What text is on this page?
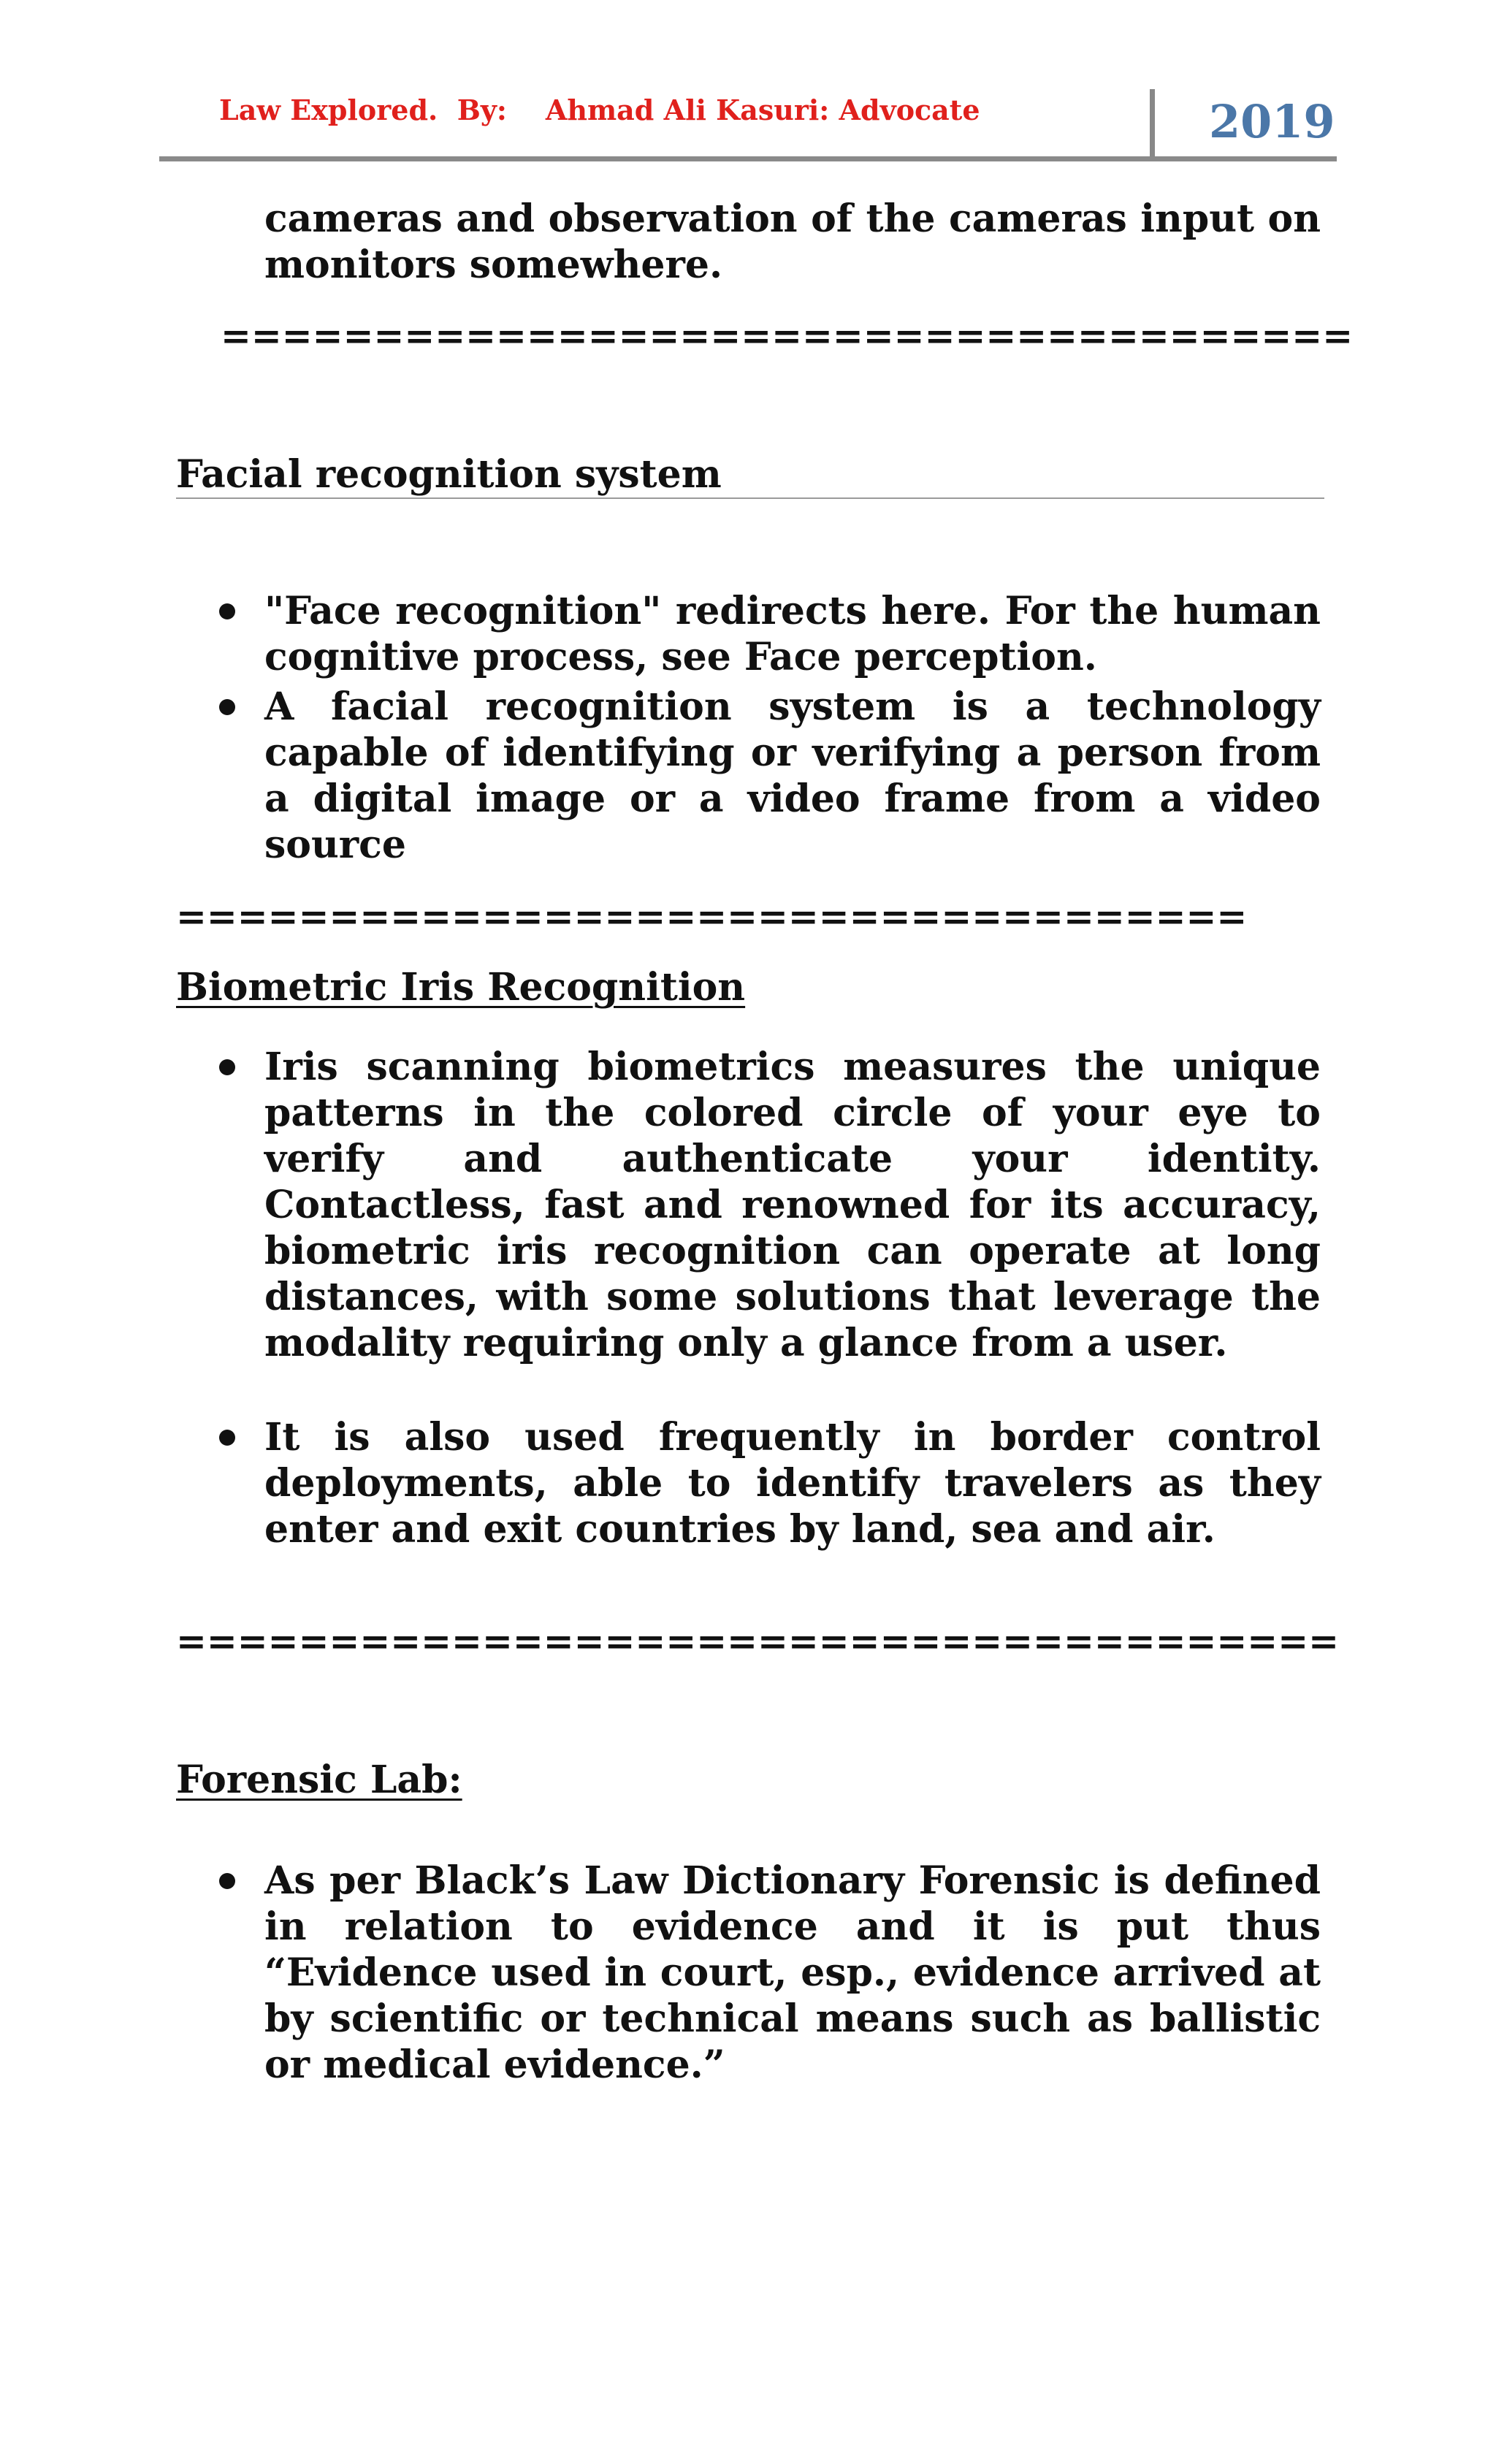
Law Explored.  By:    Ahmad Ali Kasuri: Advocate	2019
cameras and observation of the cameras input on monitors somewhere.
=====================================
Facial recognition system
"Face recognition" redirects here. For the human cognitive process, see Face perception.
A facial recognition system is a technology capable of identifying or verifying a person from a digital image or a video frame from a video source
===================================
Biometric Iris Recognition
Iris scanning biometrics measures the unique patterns in the colored circle of your eye to verify and authenticate your identity. Contactless, fast and renowned for its accuracy, biometric iris recognition can operate at long distances, with some solutions that leverage the modality requiring only a glance from a user.
It is also used frequently in border control deployments, able to identify travelers as they enter and exit countries by land, sea and air.
======================================
Forensic Lab:
As per Black’s Law Dictionary Forensic is defined in relation to evidence and it is put thus “Evidence used in court, esp., evidence arrived at by scientific or technical means such as ballistic or medical evidence.”
